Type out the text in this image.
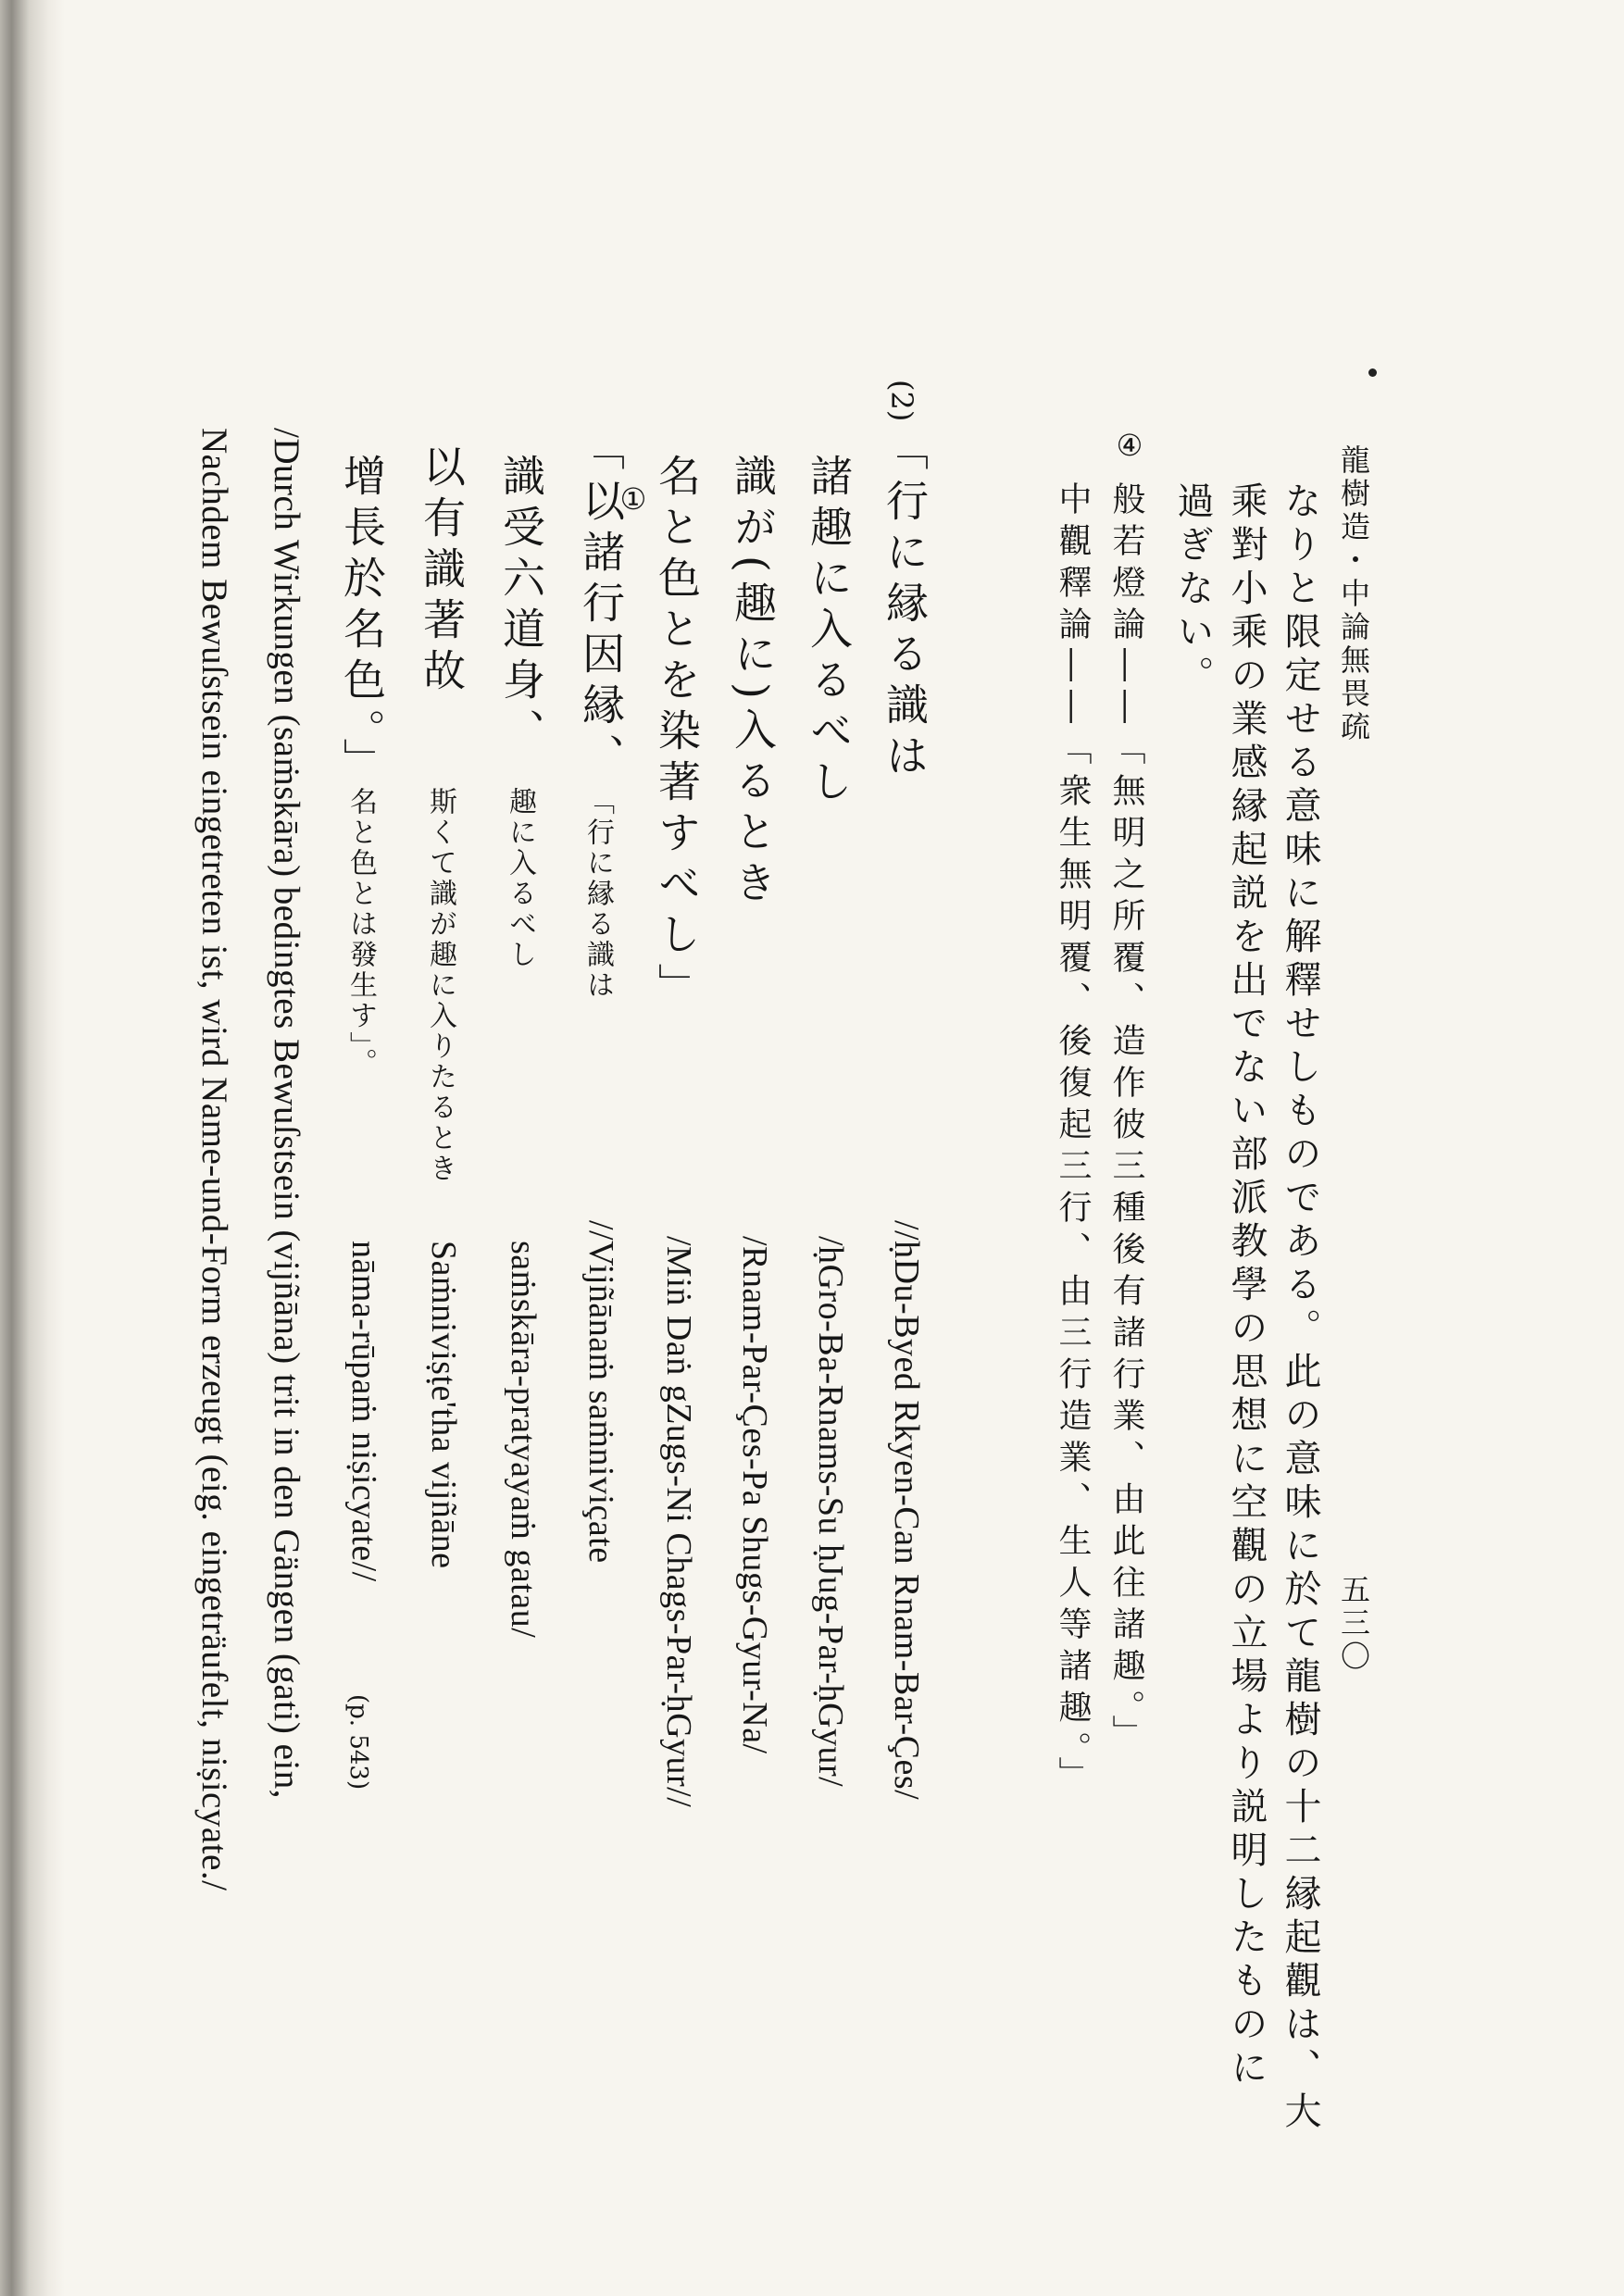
龍樹造・中論無畏疏
五三〇
なりと限定せる意味に解釋せしものである。此の意味に於て龍樹の十二縁起觀は、大
乘對小乘の業感縁起説を出でない部派教學の思想に空觀の立場より説明したものに
過ぎない。
④
般若燈論――「無明之所覆、造作彼三種後有諸行業、由此往諸趣。」
中觀釋論――「衆生無明覆、後復起三行、由三行造業、生人等諸趣。」
(2)
「行に縁る識は
諸趣に入るべし
識が(趣に)入るとき
名と色とを染著すべし」
①
「以諸行因縁、
識受六道身、
以有識著故
增長於名色。」
「行に縁る識は
趣に入るべし
斯くて識が趣に入りたるとき
名と色とは發生す」。
//ḥDu-Byed Rkyen-Can Rnam-Bar-Çes/
/ḥGro-Ba-Rnams-Su ḥJug-Par-ḥGyur/
/Rnam-Par-Çes-Pa Shugs-Gyur-Na/
/Miṅ Daṅ gZugs-Ni Chags-Par-ḥGyur//
//Vijñānaṁ saṁniviçate
saṁskāra-pratyayaṁ gatau/
Saṁniviṣṭe'tha vijñāne
nāma-rūpaṁ niṣicyate//
(p. 543)
/Durch Wirkungen (saṁskāra) bedingtes Bewuſstsein (vijñāna) trit in den Gängen (gati) ein,
Nachdem Bewuſstsein eingetreten ist, wird Name-und-Form erzeugt (eig. eingeträufelt, niṣicyate./
